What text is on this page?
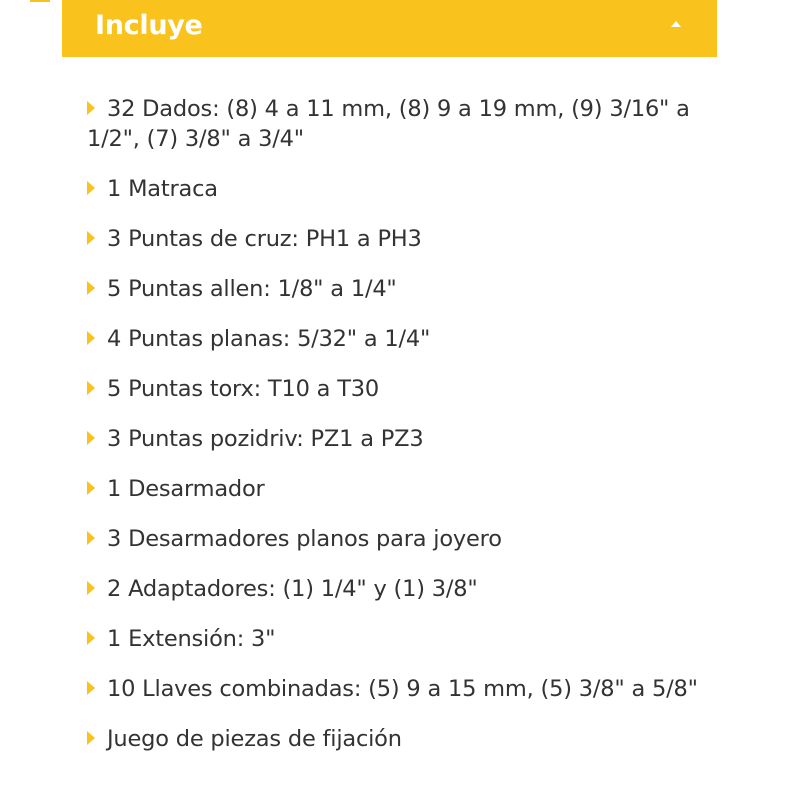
Incluye
32 Dados: (8) 4 a 11 mm, (8) 9 a 19 mm, (9) 3/16" a 1/2", (7) 3/8" a 3/4"
1 Matraca
3 Puntas de cruz: PH1 a PH3
5 Puntas allen: 1/8" a 1/4"
4 Puntas planas: 5/32" a 1/4"
5 Puntas torx: T10 a T30
3 Puntas pozidriv: PZ1 a PZ3
1 Desarmador
3 Desarmadores planos para joyero
2 Adaptadores: (1) 1/4" y (1) 3/8"
1 Extensión: 3"
10 Llaves combinadas: (5) 9 a 15 mm, (5) 3/8" a 5/8"
Juego de piezas de fijación
